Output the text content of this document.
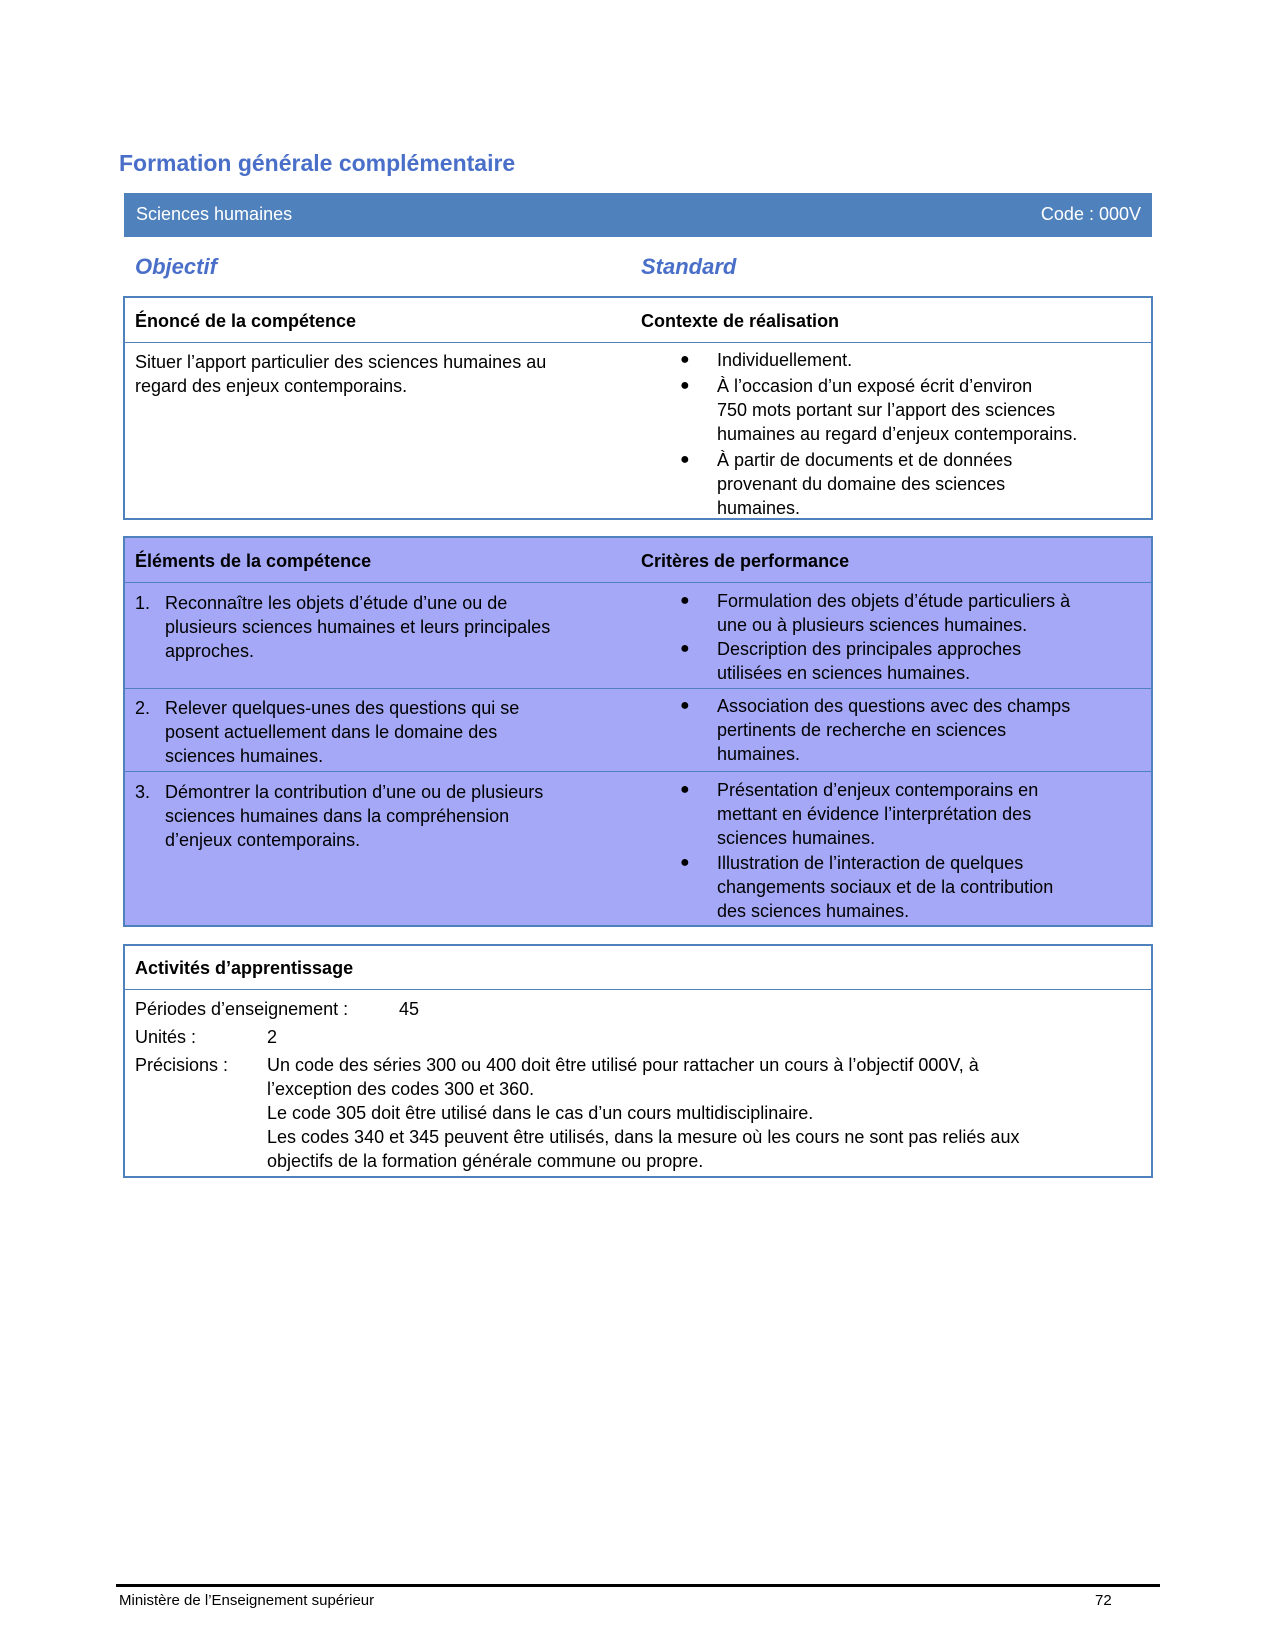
Formation générale complémentaire
Sciences humaines	Code : 000V
Objectif	Standard
Énoncé de la compétence	Contexte de réalisation
Situer l’apport particulier des sciences humaines au
regard des enjeux contemporains.
● Individuellement.
● À l’occasion d’un exposé écrit d’environ
750 mots portant sur l’apport des sciences
humaines au regard d’enjeux contemporains.
● À partir de documents et de données
provenant du domaine des sciences
humaines.
Éléments de la compétence	Critères de performance
1. Reconnaître les objets d’étude d’une ou de
plusieurs sciences humaines et leurs principales
approches.
● Formulation des objets d’étude particuliers à
une ou à plusieurs sciences humaines.
● Description des principales approches
utilisées en sciences humaines.
2. Relever quelques-unes des questions qui se
posent actuellement dans le domaine des
sciences humaines.
● Association des questions avec des champs
pertinents de recherche en sciences
humaines.
3. Démontrer la contribution d’une ou de plusieurs
sciences humaines dans la compréhension
d’enjeux contemporains.
● Présentation d’enjeux contemporains en
mettant en évidence l’interprétation des
sciences humaines.
● Illustration de l’interaction de quelques
changements sociaux et de la contribution
des sciences humaines.
Activités d’apprentissage
Périodes d’enseignement :	45
Unités :	2
Précisions : Un code des séries 300 ou 400 doit être utilisé pour rattacher un cours à l’objectif 000V, à
l’exception des codes 300 et 360.
Le code 305 doit être utilisé dans le cas d’un cours multidisciplinaire.
Les codes 340 et 345 peuvent être utilisés, dans la mesure où les cours ne sont pas reliés aux
objectifs de la formation générale commune ou propre.
Ministère de l’Enseignement supérieur	72
